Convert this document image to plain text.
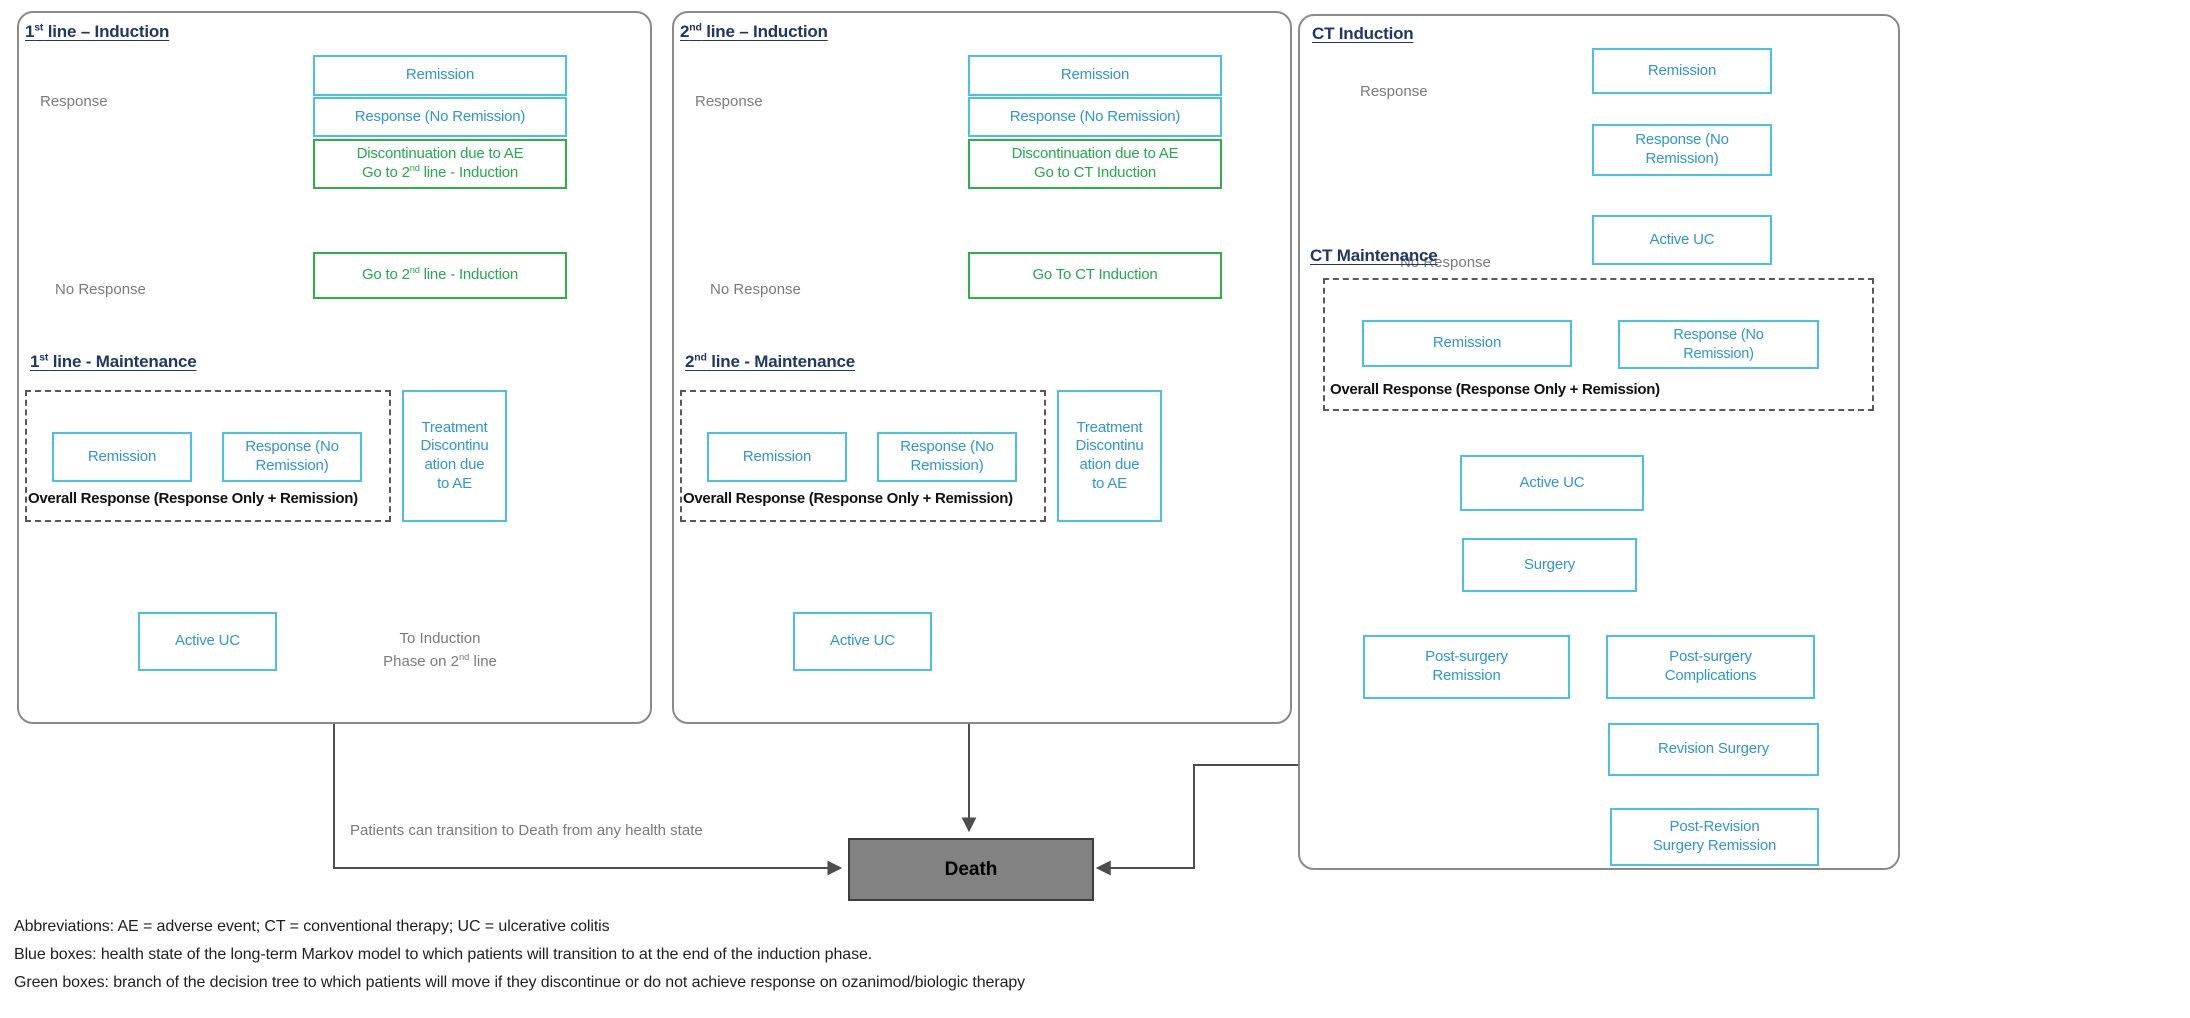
1st line – Induction
Response
No Response
Remission
Response (No Remission)
Discontinuation due to AE
Go to 2nd line - Induction
Go to 2nd line - Induction
1st line - Maintenance
Remission
Response (No
Remission)
Overall Response (Response Only + Remission)
Treatment
Discontinu
ation due
to AE
Active UC	To Induction
Phase on 2nd line
2nd line – Induction
Response
No Response
Remission
Response (No Remission)
Discontinuation due to AE
Go to CT Induction
Go To CT Induction
2nd line - Maintenance
Remission
Response (No
Remission)
Overall Response (Response Only + Remission)
Treatment
Discontinu
ation due
to AE
Active UC
CT Induction
Response
No Response
Remission
Response (No
Remission)
Active UC
CT Maintenance
Remission	Response (No
Remission)
Overall Response (Response Only + Remission)
Active UC
Surgery
Post-surgery
Remission
Post-surgery
Complications
Revision Surgery
Post-Revision
Surgery Remission
Patients can transition to Death from any health state
Death
Abbreviations: AE = adverse event; CT = conventional therapy; UC = ulcerative colitis
Blue boxes: health state of the long-term Markov model to which patients will transition to at the end of the induction phase.
Green boxes: branch of the decision tree to which patients will move if they discontinue or do not achieve response on ozanimod/biologic therapy
